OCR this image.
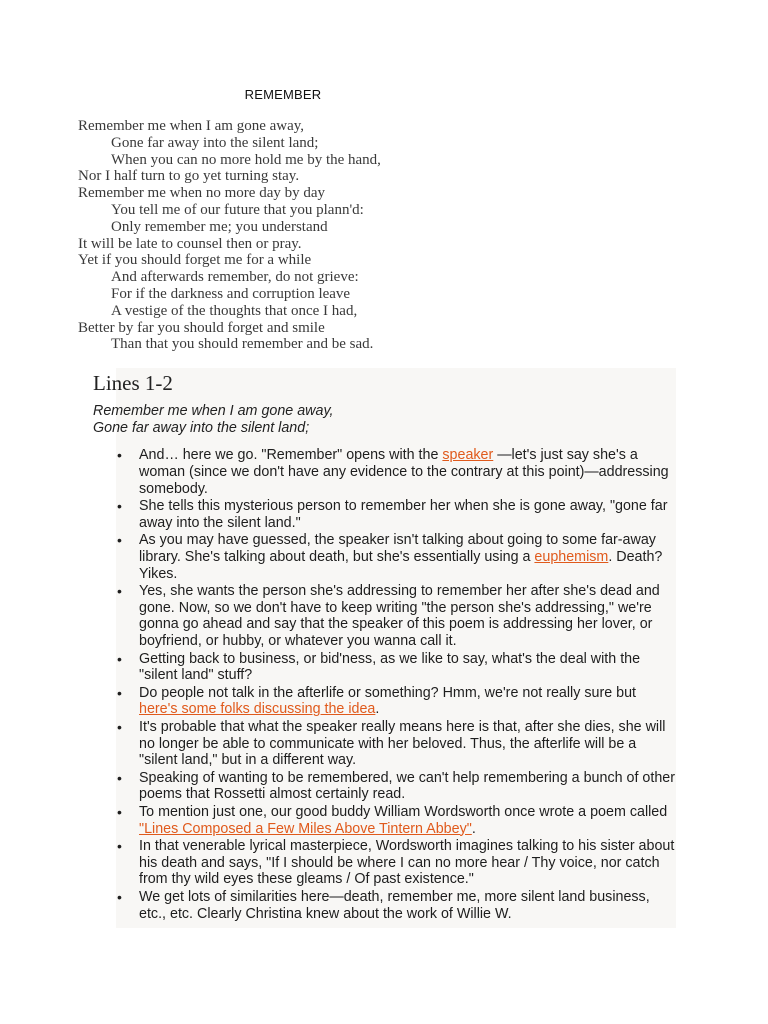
REMEMBER
Remember me when I am gone away,
Gone far away into the silent land;
When you can no more hold me by the hand,
Nor I half turn to go yet turning stay.
Remember me when no more day by day
You tell me of our future that you plann'd:
Only remember me; you understand
It will be late to counsel then or pray.
Yet if you should forget me for a while
And afterwards remember, do not grieve:
For if the darkness and corruption leave
A vestige of the thoughts that once I had,
Better by far you should forget and smile
Than that you should remember and be sad.
Lines 1-2
Remember me when I am gone away,
Gone far away into the silent land;
• And… here we go. "Remember" opens with the speaker —let's just say she's a woman (since we don't have any evidence to the contrary at this point)—addressing somebody.
• She tells this mysterious person to remember her when she is gone away, "gone far away into the silent land."
• As you may have guessed, the speaker isn't talking about going to some far-away library. She's talking about death, but she's essentially using a euphemism. Death? Yikes.
• Yes, she wants the person she's addressing to remember her after she's dead and gone. Now, so we don't have to keep writing "the person she's addressing," we're gonna go ahead and say that the speaker of this poem is addressing her lover, or boyfriend, or hubby, or whatever you wanna call it.
• Getting back to business, or bid'ness, as we like to say, what's the deal with the "silent land" stuff?
• Do people not talk in the afterlife or something? Hmm, we're not really sure but here's some folks discussing the idea.
• It's probable that what the speaker really means here is that, after she dies, she will no longer be able to communicate with her beloved. Thus, the afterlife will be a "silent land," but in a different way.
• Speaking of wanting to be remembered, we can't help remembering a bunch of other poems that Rossetti almost certainly read.
• To mention just one, our good buddy William Wordsworth once wrote a poem called "Lines Composed a Few Miles Above Tintern Abbey".
• In that venerable lyrical masterpiece, Wordsworth imagines talking to his sister about his death and says, "If I should be where I can no more hear / Thy voice, nor catch from thy wild eyes these gleams / Of past existence."
• We get lots of similarities here—death, remember me, more silent land business, etc., etc. Clearly Christina knew about the work of Willie W.
